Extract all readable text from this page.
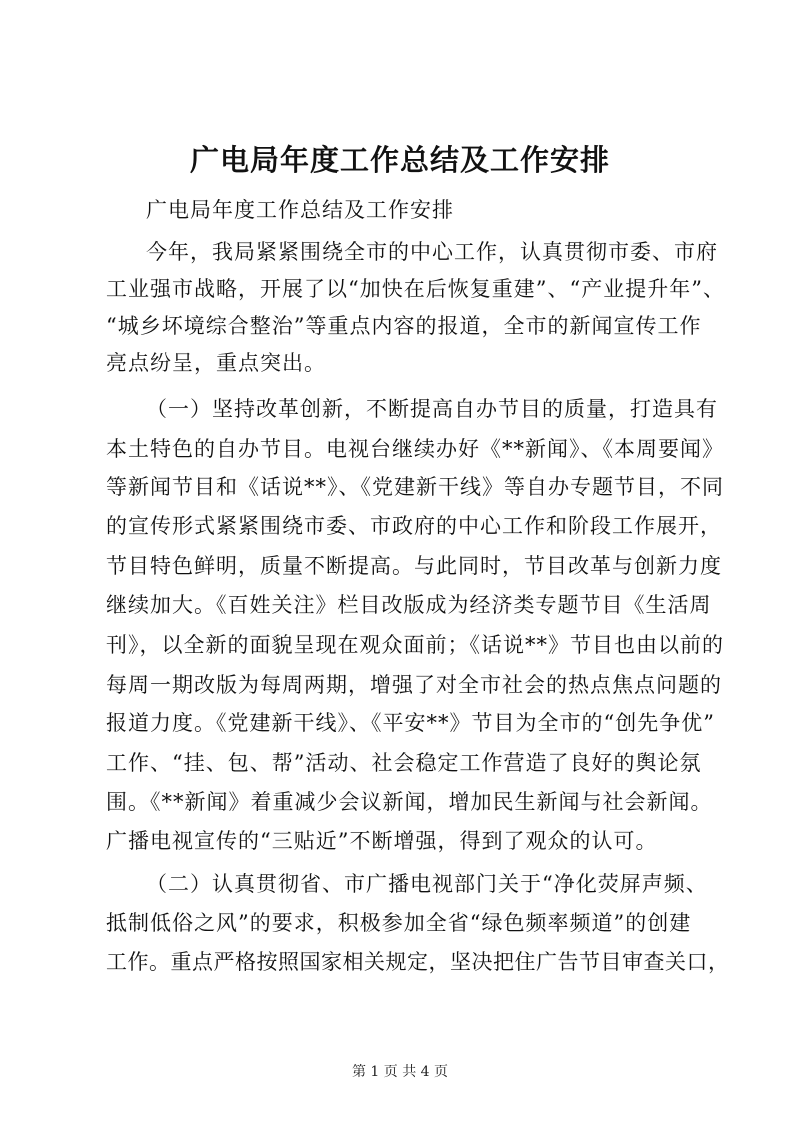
广电局年度工作总结及工作安排
广电局年度工作总结及工作安排
今年，我局紧紧围绕全市的中心工作，认真贯彻市委、市府
工业强市战略，开展了以“加快在后恢复重建”、“产业提升年”、
“城乡坏境综合整治”等重点内容的报道，全市的新闻宣传工作
亮点纷呈，重点突出。
（一）坚持改革创新，不断提高自办节目的质量，打造具有
本土特色的自办节目。电视台继续办好《**新闻》、《本周要闻》
等新闻节目和《话说**》、《党建新干线》等自办专题节目，不同
的宣传形式紧紧围绕市委、市政府的中心工作和阶段工作展开，
节目特色鲜明，质量不断提高。与此同时，节目改革与创新力度
继续加大。《百姓关注》栏目改版成为经济类专题节目《生活周
刊》，以全新的面貌呈现在观众面前；《话说**》节目也由以前的
每周一期改版为每周两期，增强了对全市社会的热点焦点问题的
报道力度。《党建新干线》、《平安**》节目为全市的“创先争优”
工作、“挂、包、帮”活动、社会稳定工作营造了良好的舆论氛
围。《**新闻》着重减少会议新闻，增加民生新闻与社会新闻。
广播电视宣传的“三贴近”不断增强，得到了观众的认可。
（二）认真贯彻省、市广播电视部门关于“净化荧屏声频、
抵制低俗之风”的要求，积极参加全省“绿色频率频道”的创建
工作。重点严格按照国家相关规定，坚决把住广告节目审查关口，
第 1 页 共 4 页
